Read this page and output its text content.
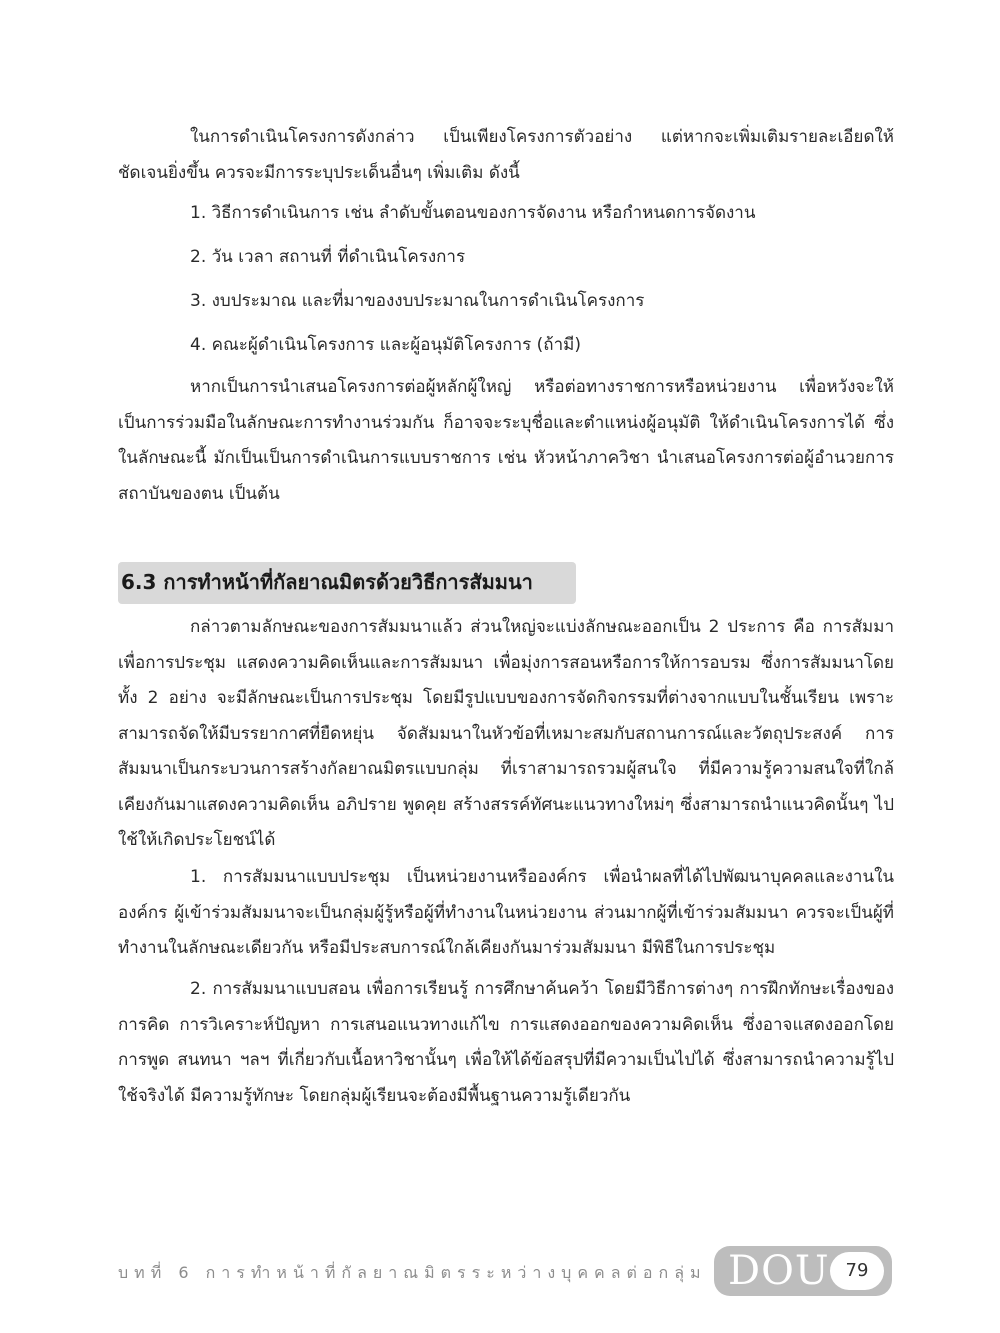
ในการดำเนินโครงการดังกล่าว เป็นเพียงโครงการตัวอย่าง แต่หากจะเพิ่มเติมรายละเอียดให้ชัดเจนยิ่งขึ้น ควรจะมีการระบุประเด็นอื่นๆ เพิ่มเติม ดังนี้

1. วิธีการดำเนินการ เช่น ลำดับขั้นตอนของการจัดงาน หรือกำหนดการจัดงาน

2. วัน เวลา สถานที่ ที่ดำเนินโครงการ

3. งบประมาณ และที่มาของงบประมาณในการดำเนินโครงการ

4. คณะผู้ดำเนินโครงการ และผู้อนุมัติโครงการ (ถ้ามี)

หากเป็นการนำเสนอโครงการต่อผู้หลักผู้ใหญ่ หรือต่อทางราชการหรือหน่วยงาน เพื่อหวังจะให้เป็นการร่วมมือในลักษณะการทำงานร่วมกัน ก็อาจจะระบุชื่อและตำแหน่งผู้อนุมัติ ให้ดำเนินโครงการได้ ซึ่งในลักษณะนี้ มักเป็นเป็นการดำเนินการแบบราชการ เช่น หัวหน้าภาควิชา นำเสนอโครงการต่อผู้อำนวยการสถาบันของตน เป็นต้น

6.3 การทำหน้าที่กัลยาณมิตรด้วยวิธีการสัมมนา

กล่าวตามลักษณะของการสัมมนาแล้ว ส่วนใหญ่จะแบ่งลักษณะออกเป็น 2 ประการ คือ การสัมมาเพื่อการประชุม แสดงความคิดเห็นและการสัมมนา เพื่อมุ่งการสอนหรือการให้การอบรม ซึ่งการสัมมนาโดยทั้ง 2 อย่าง จะมีลักษณะเป็นการประชุม โดยมีรูปแบบของการจัดกิจกรรมที่ต่างจากแบบในชั้นเรียน เพราะสามารถจัดให้มีบรรยากาศที่ยืดหยุ่น จัดสัมมนาในหัวข้อที่เหมาะสมกับสถานการณ์และวัตถุประสงค์ การสัมมนาเป็นกระบวนการสร้างกัลยาณมิตรแบบกลุ่ม ที่เราสามารถรวมผู้สนใจ ที่มีความรู้ความสนใจที่ใกล้เคียงกันมาแสดงความคิดเห็น อภิปราย พูดคุย สร้างสรรค์ทัศนะแนวทางใหม่ๆ ซึ่งสามารถนำแนวคิดนั้นๆ ไปใช้ให้เกิดประโยชน์ได้

1. การสัมมนาแบบประชุม เป็นหน่วยงานหรือองค์กร เพื่อนำผลที่ได้ไปพัฒนาบุคคลและงานในองค์กร ผู้เข้าร่วมสัมมนาจะเป็นกลุ่มผู้รู้หรือผู้ที่ทำงานในหน่วยงาน ส่วนมากผู้ที่เข้าร่วมสัมมนา ควรจะเป็นผู้ที่ทำงานในลักษณะเดียวกัน หรือมีประสบการณ์ใกล้เคียงกันมาร่วมสัมมนา มีพิธีในการประชุม

2. การสัมมนาแบบสอน เพื่อการเรียนรู้ การศึกษาค้นคว้า โดยมีวิธีการต่างๆ การฝึกทักษะเรื่องของการคิด การวิเคราะห์ปัญหา การเสนอแนวทางแก้ไข การแสดงออกของความคิดเห็น ซึ่งอาจแสดงออกโดยการพูด สนทนา ฯลฯ ที่เกี่ยวกับเนื้อหาวิชานั้นๆ เพื่อให้ได้ข้อสรุปที่มีความเป็นไปได้ ซึ่งสามารถนำความรู้ไปใช้จริงได้ มีความรู้ทักษะ โดยกลุ่มผู้เรียนจะต้องมีพื้นฐานความรู้เดียวกัน

บทที่ 6 การทำหน้าที่กัลยาณมิตรระหว่างบุคคลต่อกลุ่ม DOU 79
